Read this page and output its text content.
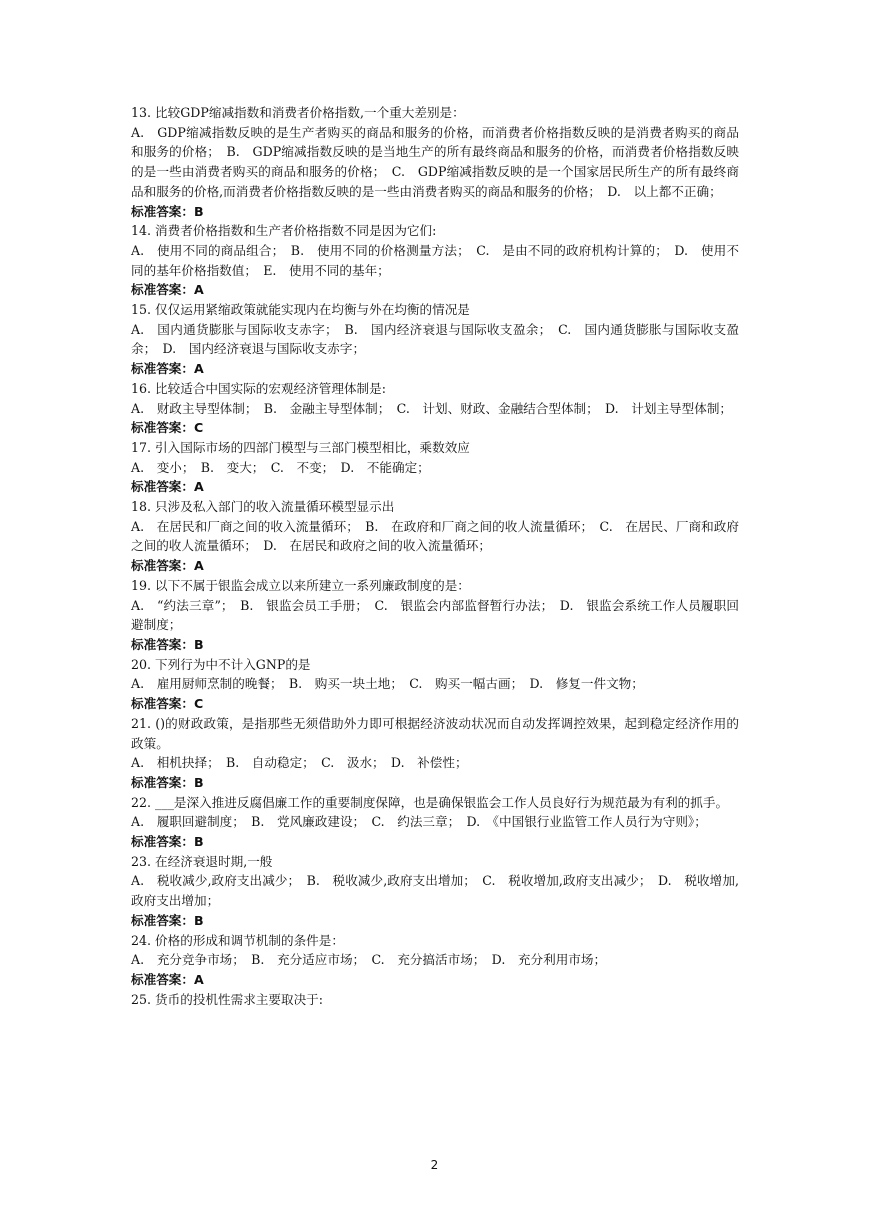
13. 比较GDP缩减指数和消费者价格指数,一个重大差别是：

A.　GDP缩减指数反映的是生产者购买的商品和服务的价格，而消费者价格指数反映的是消费者购买的商品和服务的价格；　B.　GDP缩减指数反映的是当地生产的所有最终商品和服务的价格，而消费者价格指数反映的是一些由消费者购买的商品和服务的价格；　C.　GDP缩减指数反映的是一个国家居民所生产的所有最终商品和服务的价格,而消费者价格指数反映的是一些由消费者购买的商品和服务的价格；　D.　以上都不正确；

标准答案：B

14. 消费者价格指数和生产者价格指数不同是因为它们:

A.　使用不同的商品组合；　B.　使用不同的价格测量方法；　C.　是由不同的政府机构计算的；　D.　使用不同的基年价格指数值；　E.　使用不同的基年；

标准答案：A

15. 仅仅运用紧缩政策就能实现内在均衡与外在均衡的情况是

A.　国内通货膨胀与国际收支赤字；　B.　国内经济衰退与国际收支盈余；　C.　国内通货膨胀与国际收支盈余；　D.　国内经济衰退与国际收支赤字；

标准答案：A

16. 比较适合中国实际的宏观经济管理体制是:

A.　财政主导型体制；　B.　金融主导型体制；　C.　计划、财政、金融结合型体制；　D.　计划主导型体制；

标准答案：C

17. 引入国际市场的四部门模型与三部门模型相比，乘数效应

A.　变小；　B.　变大；　C.　不变；　D.　不能确定；

标准答案：A

18. 只涉及私入部门的收入流量循环模型显示出

A.　在居民和厂商之间的收入流量循环；　B.　在政府和厂商之间的收人流量循环；　C.　在居民、厂商和政府之间的收人流量循环；　D.　在居民和政府之间的收入流量循环；

标准答案：A

19. 以下不属于银监会成立以来所建立一系列廉政制度的是：

A.　“约法三章”；　B.　银监会员工手册；　C.　银监会内部监督暂行办法；　D.　银监会系统工作人员履职回避制度；

标准答案：B

20. 下列行为中不计入GNP的是

A.　雇用厨师烹制的晚餐；　B.　购买一块土地；　C.　购买一幅古画；　D.　修复一件文物；

标准答案：C

21. ()的财政政策，是指那些无须借助外力即可根据经济波动状况而自动发挥调控效果，起到稳定经济作用的政策。

A.　相机抉择；　B.　自动稳定；　C.　汲水；　D.　补偿性；

标准答案：B

22. ___是深入推进反腐倡廉工作的重要制度保障，也是确保银监会工作人员良好行为规范最为有利的抓手。

A.　履职回避制度；　B.　党风廉政建设；　C.　约法三章；　D.　《中国银行业监管工作人员行为守则》；

标准答案：B

23. 在经济衰退时期,一般

A.　税收减少,政府支出减少；　B.　税收减少,政府支出增加；　C.　税收增加,政府支出减少；　D.　税收增加,政府支出增加；

标准答案：B

24. 价格的形成和调节机制的条件是：

A.　充分竞争市场；　B.　充分适应市场；　C.　充分搞活市场；　D.　充分利用市场；

标准答案：A

25. 货币的投机性需求主要取决于:

2
